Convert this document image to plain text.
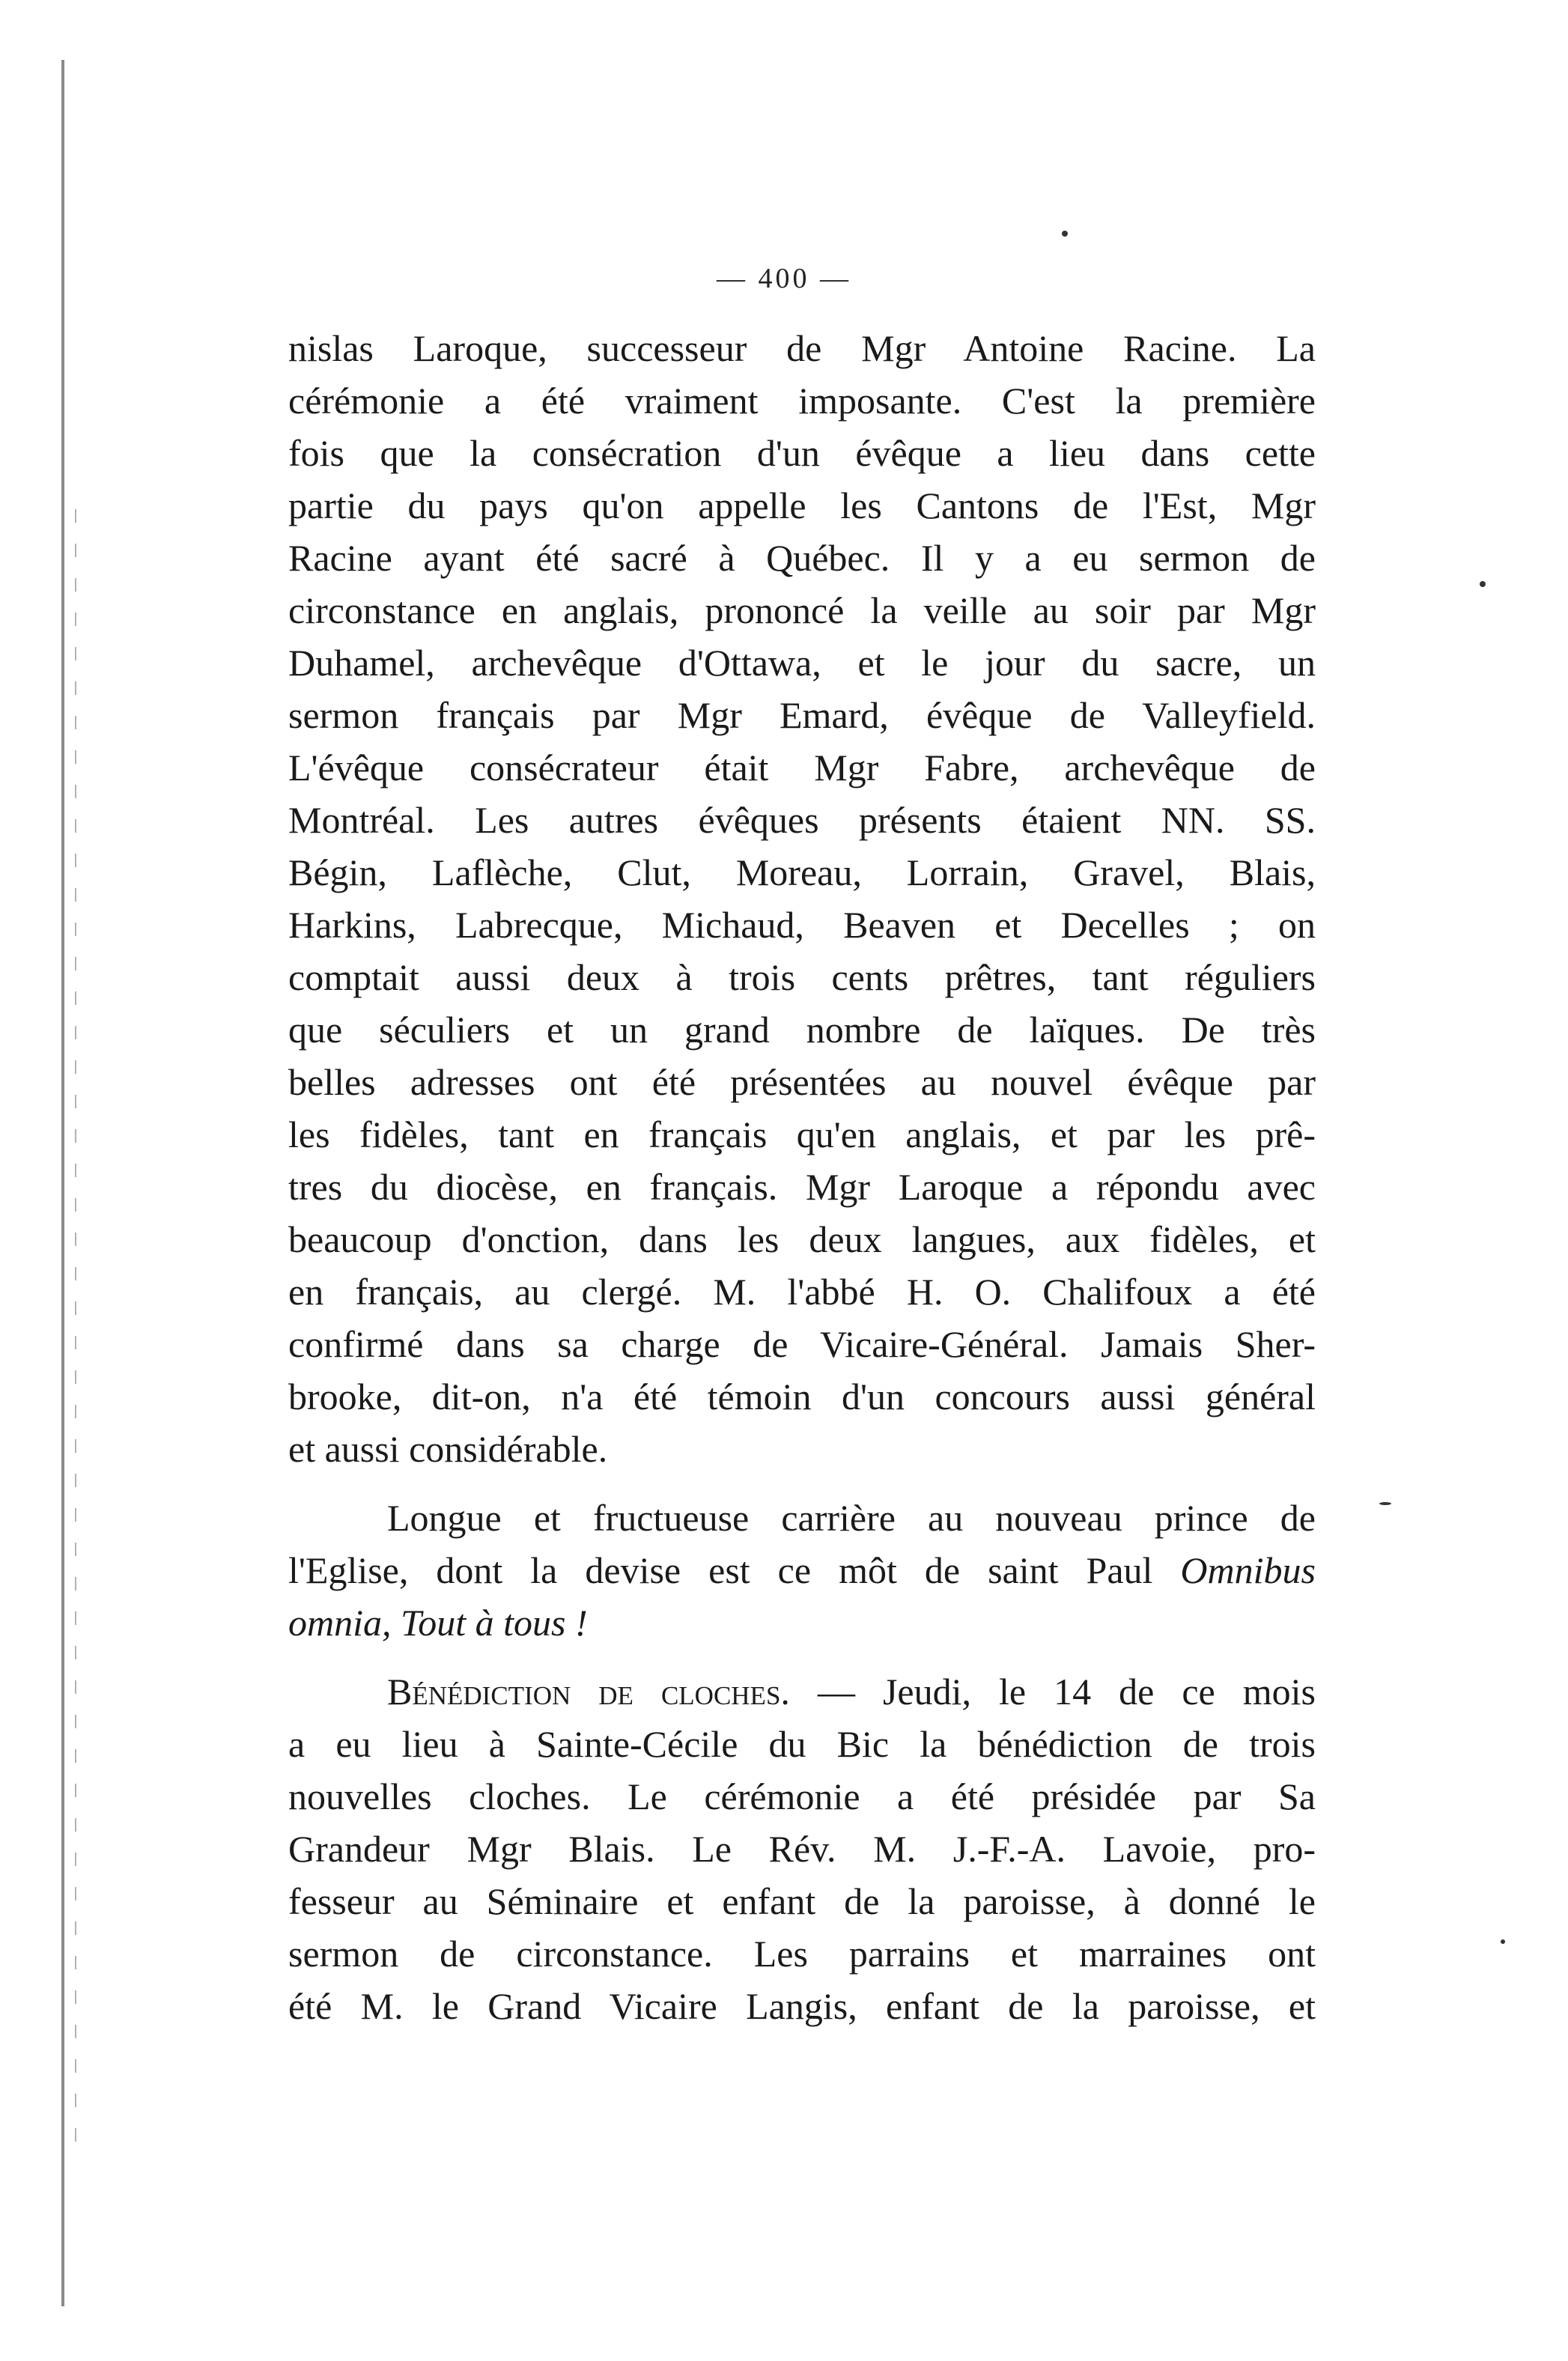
— 400 —
nislas Laroque, successeur de Mgr Antoine Racine. La
cérémonie a été vraiment imposante. C'est la première
fois que la consécration d'un évêque a lieu dans cette
partie du pays qu'on appelle les Cantons de l'Est, Mgr
Racine ayant été sacré à Québec. Il y a eu sermon de
circonstance en anglais, prononcé la veille au soir par Mgr
Duhamel, archevêque d'Ottawa, et le jour du sacre, un
sermon français par Mgr Emard, évêque de Valleyfield.
L'évêque consécrateur était Mgr Fabre, archevêque de
Montréal. Les autres évêques présents étaient NN. SS.
Bégin, Laflèche, Clut, Moreau, Lorrain, Gravel, Blais,
Harkins, Labrecque, Michaud, Beaven et Decelles ; on
comptait aussi deux à trois cents prêtres, tant réguliers
que séculiers et un grand nombre de laïques. De très
belles adresses ont été présentées au nouvel évêque par
les fidèles, tant en français qu'en anglais, et par les prê-
tres du diocèse, en français. Mgr Laroque a répondu avec
beaucoup d'onction, dans les deux langues, aux fidèles, et
en français, au clergé. M. l'abbé H. O. Chalifoux a été
confirmé dans sa charge de Vicaire-Général. Jamais Sher-
brooke, dit-on, n'a été témoin d'un concours aussi général
et aussi considérable.
Longue et fructueuse carrière au nouveau prince de
l'Eglise, dont la devise est ce môt de saint Paul Omnibus
omnia, Tout à tous !
Bénédiction de cloches. — Jeudi, le 14 de ce mois
a eu lieu à Sainte-Cécile du Bic la bénédiction de trois
nouvelles cloches. Le cérémonie a été présidée par Sa
Grandeur Mgr Blais. Le Rév. M. J.-F.-A. Lavoie, pro-
fesseur au Séminaire et enfant de la paroisse, à donné le
sermon de circonstance. Les parrains et marraines ont
été M. le Grand Vicaire Langis, enfant de la paroisse, et
